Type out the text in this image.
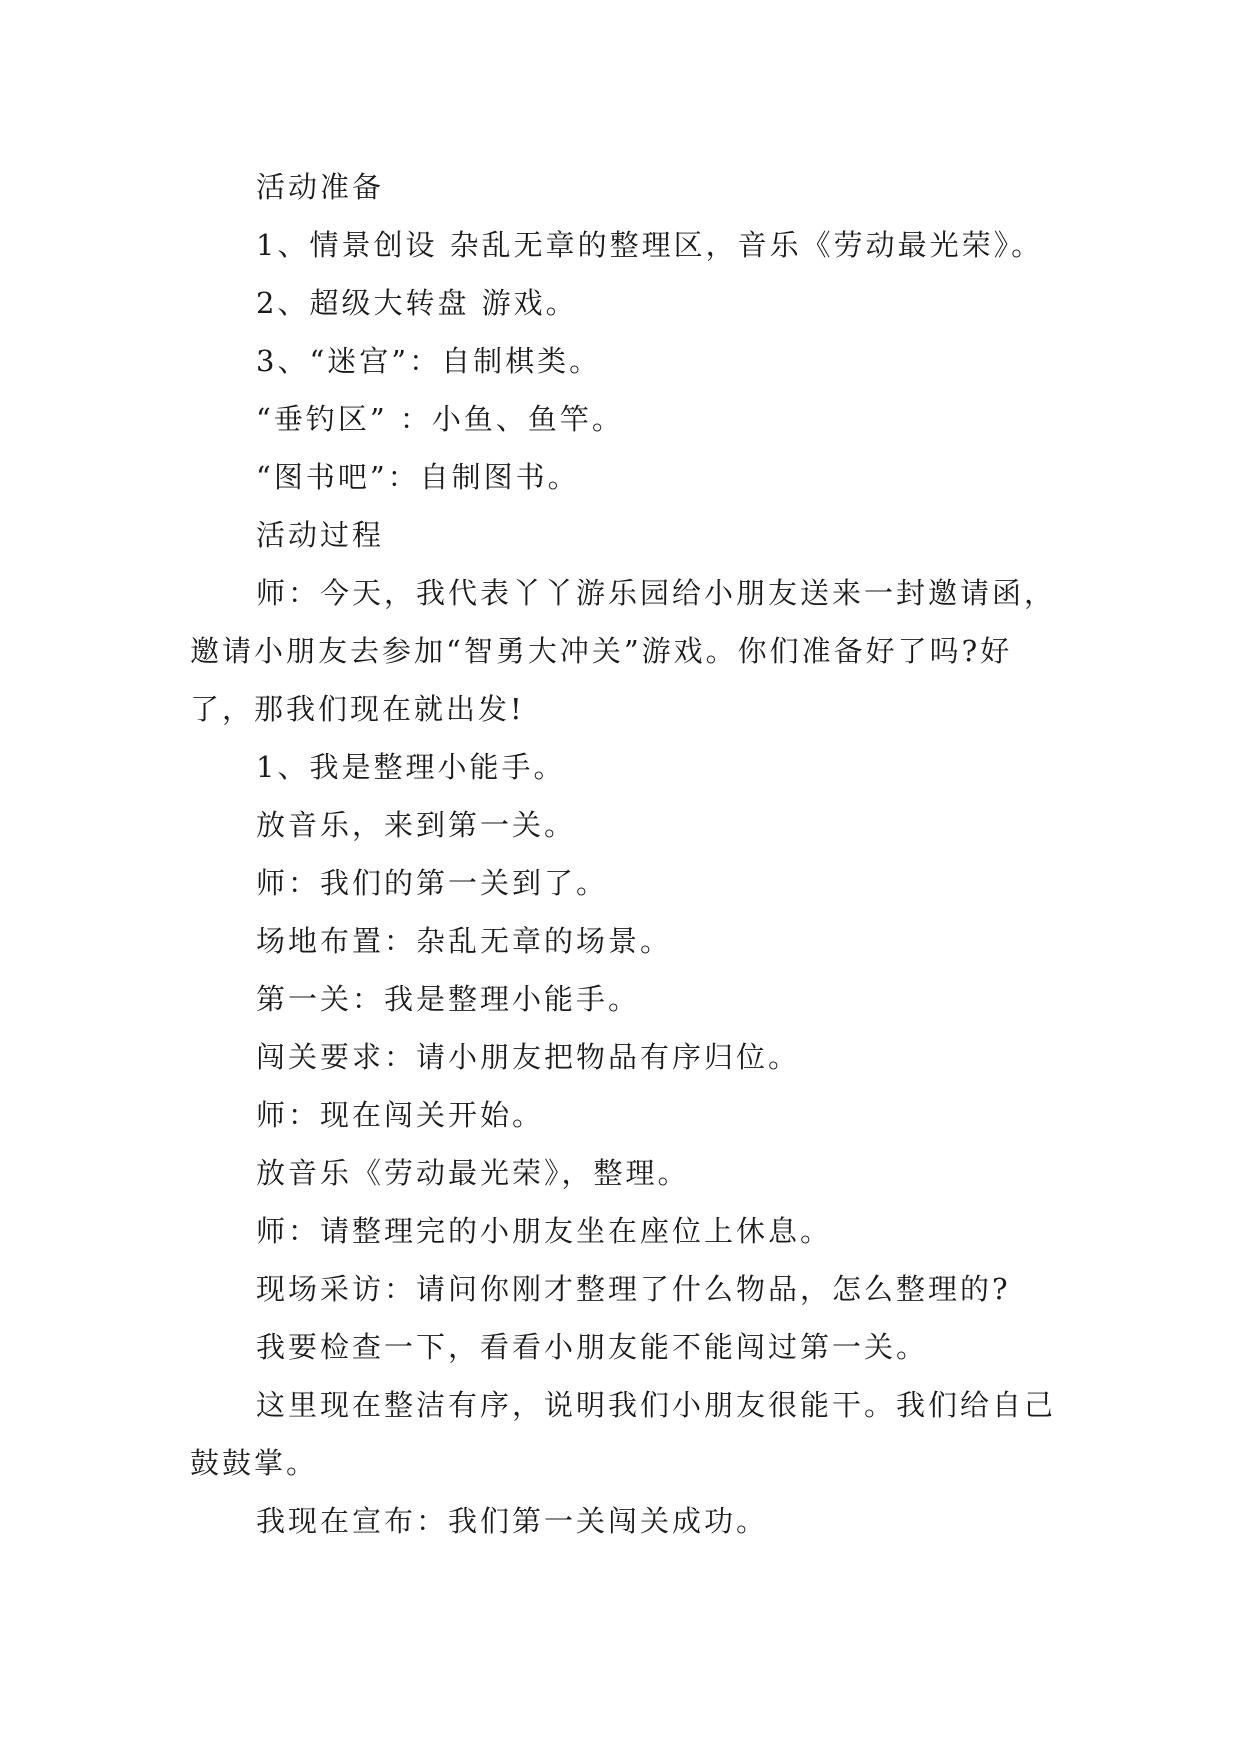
活动准备

1、情景创设 杂乱无章的整理区，音乐《劳动最光荣》。

2、超级大转盘 游戏。

3、“迷宫”：自制棋类。

“垂钓区” ：小鱼、鱼竿。

“图书吧”：自制图书。

活动过程

师：今天，我代表丫丫游乐园给小朋友送来一封邀请函，邀请小朋友去参加“智勇大冲关”游戏。你们准备好了吗?好了，那我们现在就出发!

1、我是整理小能手。

放音乐，来到第一关。

师：我们的第一关到了。

场地布置：杂乱无章的场景。

第一关：我是整理小能手。

闯关要求：请小朋友把物品有序归位。

师：现在闯关开始。

放音乐《劳动最光荣》，整理。

师：请整理完的小朋友坐在座位上休息。

现场采访：请问你刚才整理了什么物品，怎么整理的?

我要检查一下，看看小朋友能不能闯过第一关。

这里现在整洁有序，说明我们小朋友很能干。我们给自己鼓鼓掌。

我现在宣布：我们第一关闯关成功。
